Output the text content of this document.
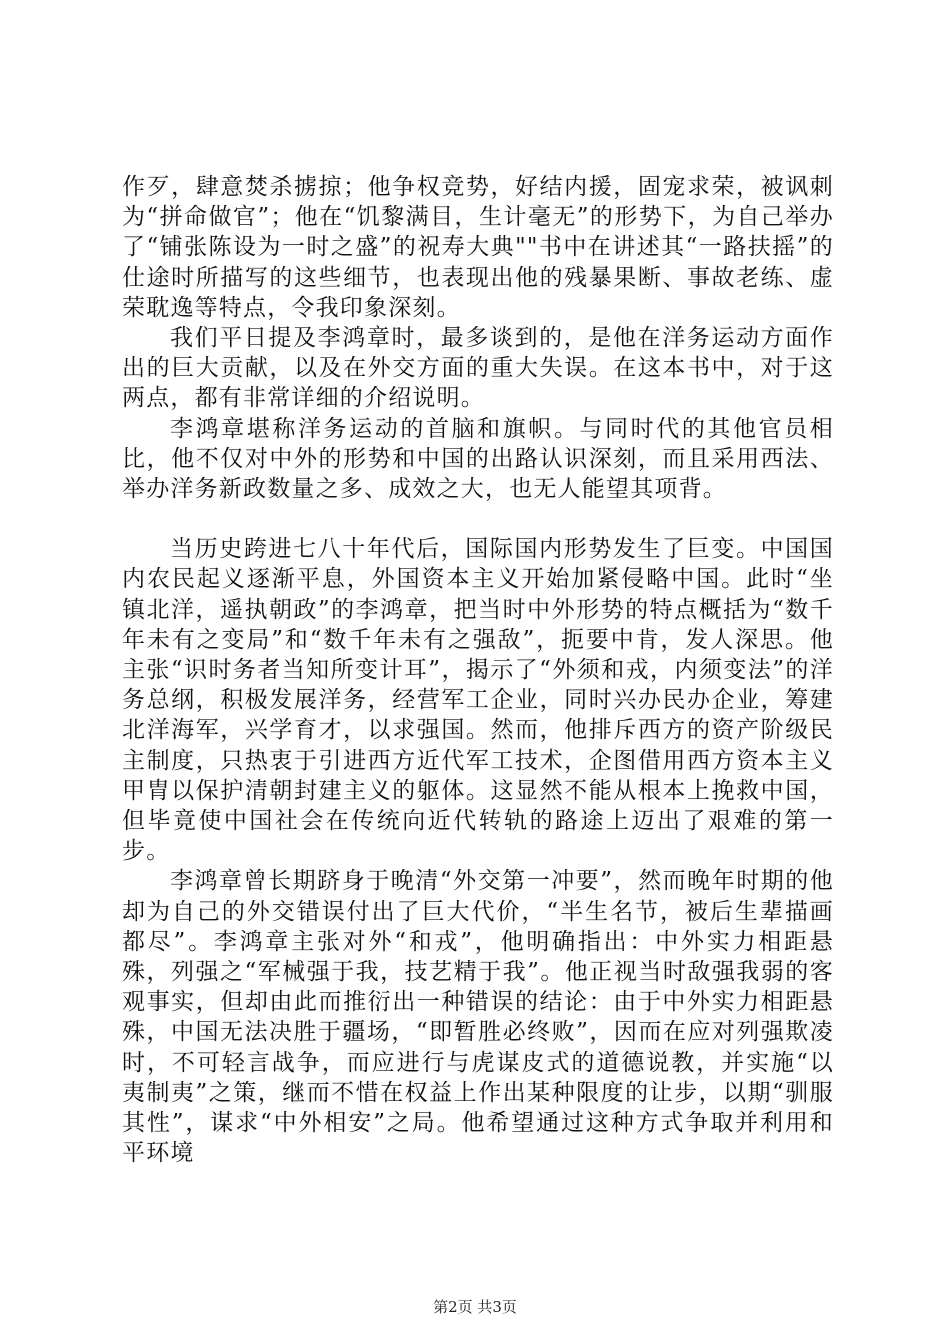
作歹，肆意焚杀掳掠；他争权竞势，好结内援，固宠求荣，被讽刺为“拼命做官”；他在“饥黎满目，生计毫无”的形势下，为自己举办了“铺张陈设为一时之盛”的祝寿大典""书中在讲述其“一路扶摇”的仕途时所描写的这些细节，也表现出他的残暴果断、事故老练、虚荣耽逸等特点，令我印象深刻。

我们平日提及李鸿章时，最多谈到的，是他在洋务运动方面作出的巨大贡献，以及在外交方面的重大失误。在这本书中，对于这两点，都有非常详细的介绍说明。

李鸿章堪称洋务运动的首脑和旗帜。与同时代的其他官员相比，他不仅对中外的形势和中国的出路认识深刻，而且采用西法、举办洋务新政数量之多、成效之大，也无人能望其项背。

当历史跨进七八十年代后，国际国内形势发生了巨变。中国国内农民起义逐渐平息，外国资本主义开始加紧侵略中国。此时“坐镇北洋，遥执朝政”的李鸿章，把当时中外形势的特点概括为“数千年未有之变局”和“数千年未有之强敌”，扼要中肯，发人深思。他主张“识时务者当知所变计耳”，揭示了“外须和戎，内须变法”的洋务总纲，积极发展洋务，经营军工企业，同时兴办民办企业，筹建北洋海军，兴学育才，以求强国。然而，他排斥西方的资产阶级民主制度，只热衷于引进西方近代军工技术，企图借用西方资本主义甲胄以保护清朝封建主义的躯体。这显然不能从根本上挽救中国，但毕竟使中国社会在传统向近代转轨的路途上迈出了艰难的第一步。

李鸿章曾长期跻身于晚清“外交第一冲要”，然而晚年时期的他却为自己的外交错误付出了巨大代价，“半生名节，被后生辈描画都尽”。李鸿章主张对外“和戎”，他明确指出：中外实力相距悬殊，列强之“军械强于我，技艺精于我”。他正视当时敌强我弱的客观事实，但却由此而推衍出一种错误的结论：由于中外实力相距悬殊，中国无法决胜于疆场，“即暂胜必终败”，因而在应对列强欺凌时，不可轻言战争，而应进行与虎谋皮式的道德说教，并实施“以夷制夷”之策，继而不惜在权益上作出某种限度的让步，以期“驯服其性”，谋求“中外相安”之局。他希望通过这种方式争取并利用和平环境

第2页 共3页
